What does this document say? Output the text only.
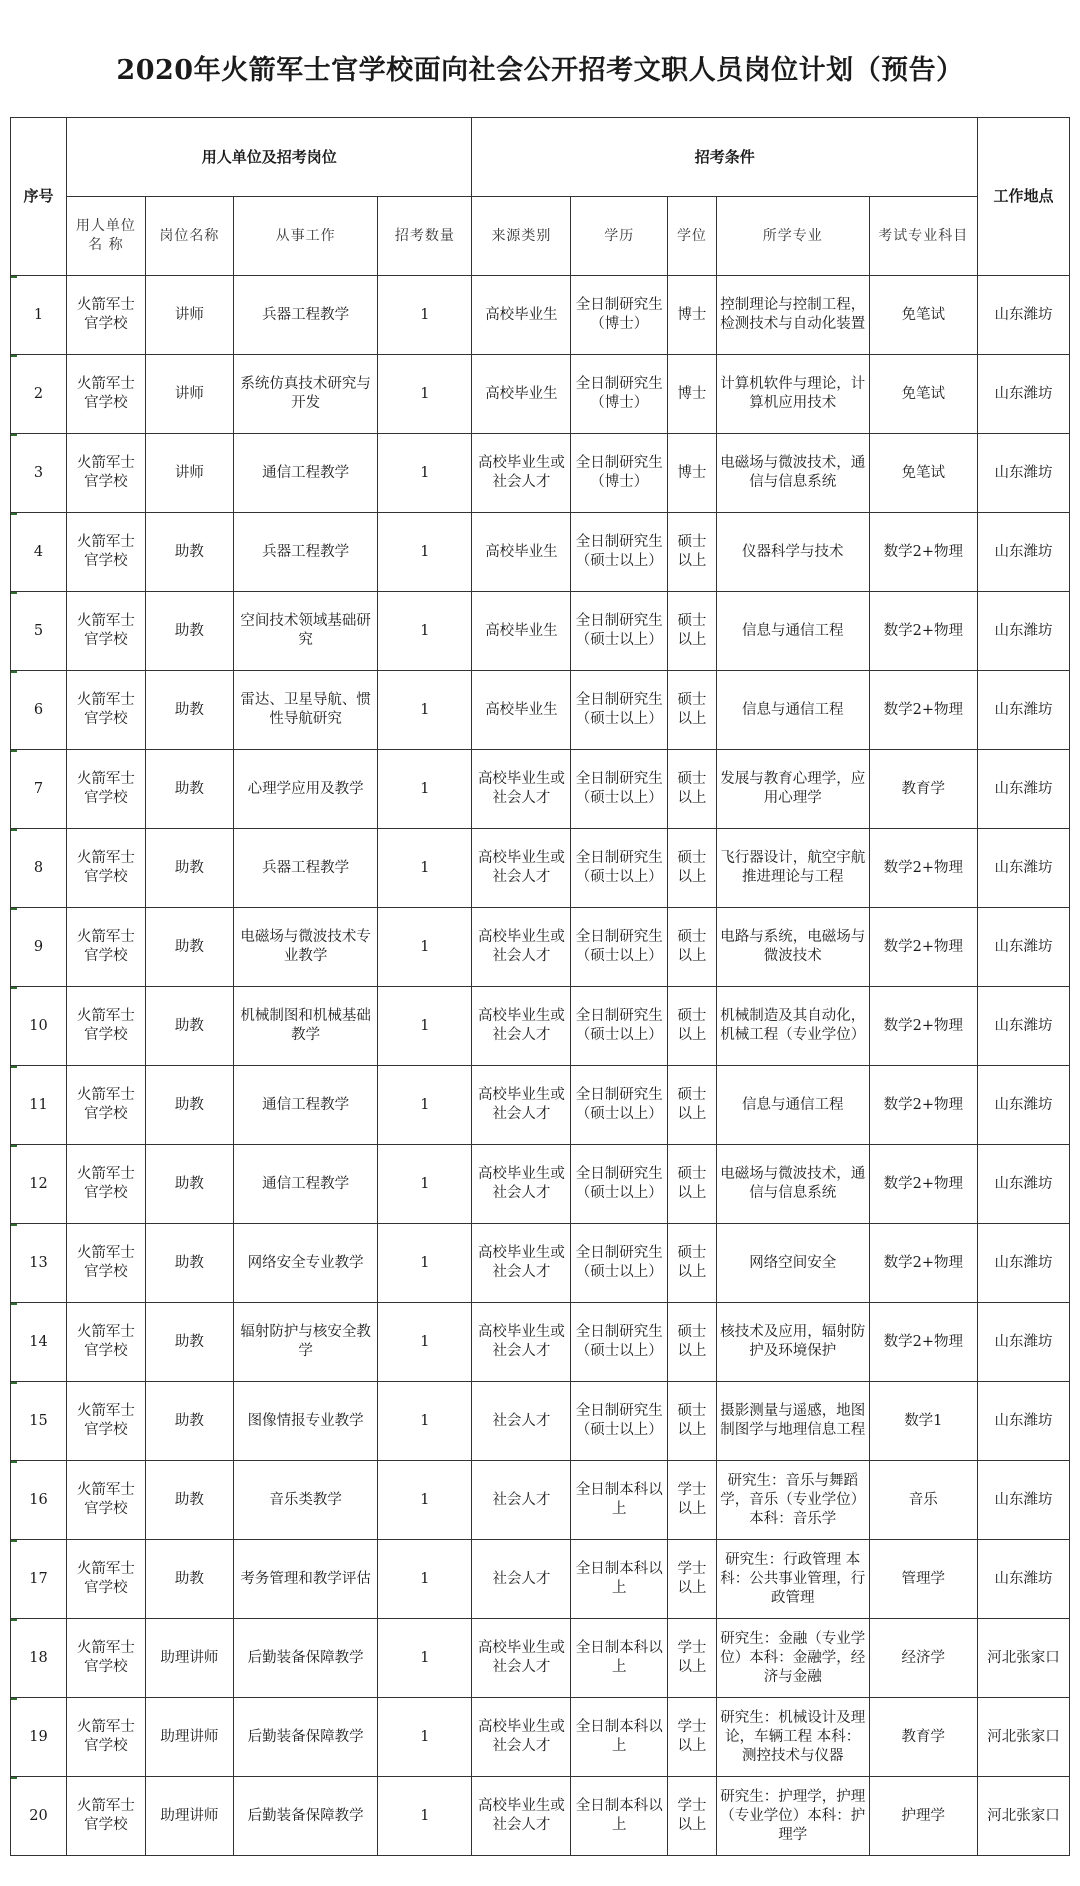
2020年火箭军士官学校面向社会公开招考文职人员岗位计划（预告）
序号	用人单位及招考岗位				招考条件					工作地点
	用人单位名 称	岗位名称	从事工作	招考数量	来源类别	学历	学位	所学专业	考试专业科目	
1	火箭军士官学校	讲师	兵器工程教学	1	高校毕业生	全日制研究生（博士）	博士	控制理论与控制工程，检测技术与自动化装置	免笔试	山东潍坊
2	火箭军士官学校	讲师	系统仿真技术研究与开发	1	高校毕业生	全日制研究生（博士）	博士	计算机软件与理论，计算机应用技术	免笔试	山东潍坊
3	火箭军士官学校	讲师	通信工程教学	1	高校毕业生或社会人才	全日制研究生（博士）	博士	电磁场与微波技术，通信与信息系统	免笔试	山东潍坊
4	火箭军士官学校	助教	兵器工程教学	1	高校毕业生	全日制研究生（硕士以上）	硕士以上	仪器科学与技术	数学2+物理	山东潍坊
5	火箭军士官学校	助教	空间技术领域基础研究	1	高校毕业生	全日制研究生（硕士以上）	硕士以上	信息与通信工程	数学2+物理	山东潍坊
6	火箭军士官学校	助教	雷达、卫星导航、惯性导航研究	1	高校毕业生	全日制研究生（硕士以上）	硕士以上	信息与通信工程	数学2+物理	山东潍坊
7	火箭军士官学校	助教	心理学应用及教学	1	高校毕业生或社会人才	全日制研究生（硕士以上）	硕士以上	发展与教育心理学，应用心理学	教育学	山东潍坊
8	火箭军士官学校	助教	兵器工程教学	1	高校毕业生或社会人才	全日制研究生（硕士以上）	硕士以上	飞行器设计，航空宇航推进理论与工程	数学2+物理	山东潍坊
9	火箭军士官学校	助教	电磁场与微波技术专业教学	1	高校毕业生或社会人才	全日制研究生（硕士以上）	硕士以上	电路与系统，电磁场与微波技术	数学2+物理	山东潍坊
10	火箭军士官学校	助教	机械制图和机械基础教学	1	高校毕业生或社会人才	全日制研究生（硕士以上）	硕士以上	机械制造及其自动化，机械工程（专业学位）	数学2+物理	山东潍坊
11	火箭军士官学校	助教	通信工程教学	1	高校毕业生或社会人才	全日制研究生（硕士以上）	硕士以上	信息与通信工程	数学2+物理	山东潍坊
12	火箭军士官学校	助教	通信工程教学	1	高校毕业生或社会人才	全日制研究生（硕士以上）	硕士以上	电磁场与微波技术，通信与信息系统	数学2+物理	山东潍坊
13	火箭军士官学校	助教	网络安全专业教学	1	高校毕业生或社会人才	全日制研究生（硕士以上）	硕士以上	网络空间安全	数学2+物理	山东潍坊
14	火箭军士官学校	助教	辐射防护与核安全教学	1	高校毕业生或社会人才	全日制研究生（硕士以上）	硕士以上	核技术及应用，辐射防护及环境保护	数学2+物理	山东潍坊
15	火箭军士官学校	助教	图像情报专业教学	1	社会人才	全日制研究生（硕士以上）	硕士以上	摄影测量与遥感，地图制图学与地理信息工程	数学1	山东潍坊
16	火箭军士官学校	助教	音乐类教学	1	社会人才	全日制本科以上	学士以上	研究生：音乐与舞蹈学，音乐（专业学位）本科：音乐学	音乐	山东潍坊
17	火箭军士官学校	助教	考务管理和教学评估	1	社会人才	全日制本科以上	学士以上	研究生：行政管理 本科：公共事业管理，行政管理	管理学	山东潍坊
18	火箭军士官学校	助理讲师	后勤装备保障教学	1	高校毕业生或社会人才	全日制本科以上	学士以上	研究生：金融（专业学位）本科：金融学，经济与金融	经济学	河北张家口
19	火箭军士官学校	助理讲师	后勤装备保障教学	1	高校毕业生或社会人才	全日制本科以上	学士以上	研究生：机械设计及理论，车辆工程 本科：测控技术与仪器	教育学	河北张家口
20	火箭军士官学校	助理讲师	后勤装备保障教学	1	高校毕业生或社会人才	全日制本科以上	学士以上	研究生：护理学，护理（专业学位）本科：护理学	护理学	河北张家口
